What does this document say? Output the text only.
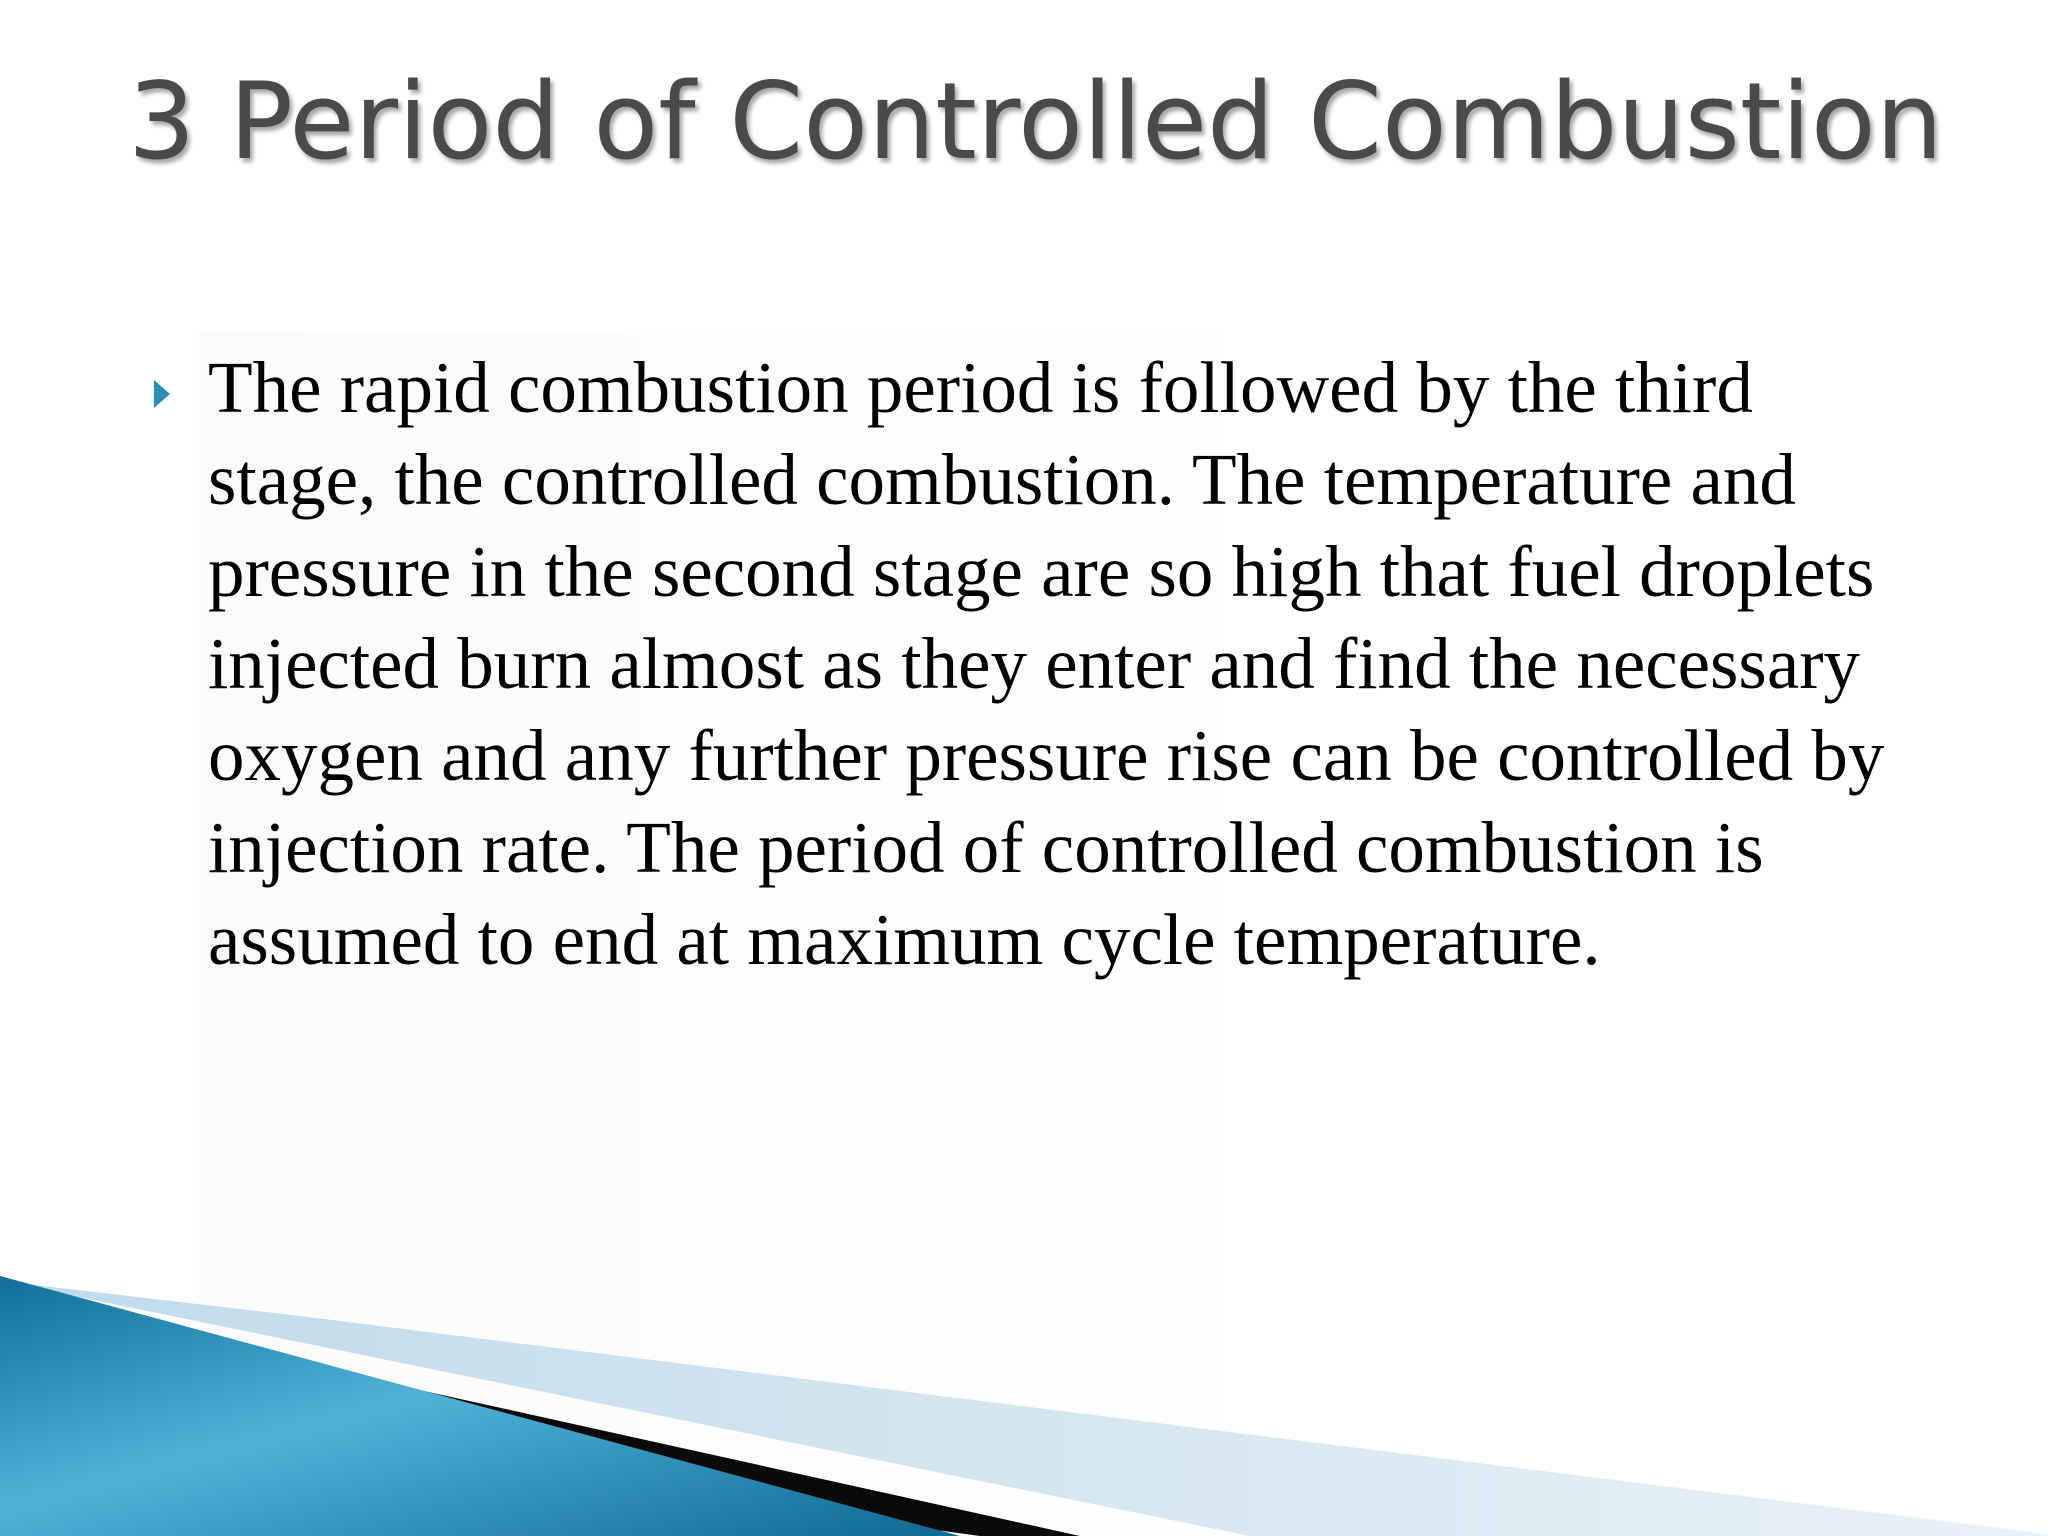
3 Period of Controlled Combustion
The rapid combustion period is followed by the third stage, the controlled combustion. The temperature and pressure in the second stage are so high that fuel droplets injected burn almost as they enter and find the necessary oxygen and any further pressure rise can be controlled by injection rate. The period of controlled combustion is assumed to end at maximum cycle temperature.
